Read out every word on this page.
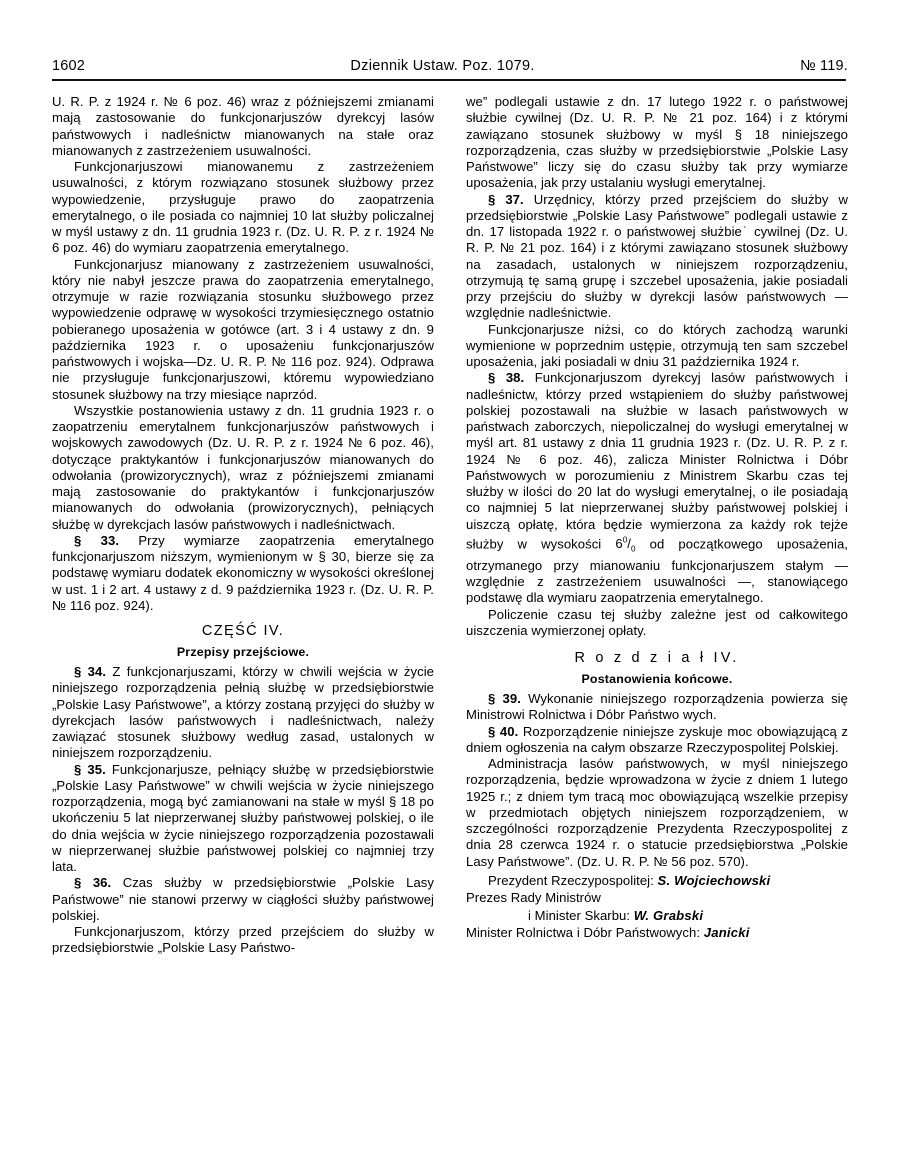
1602	Dziennik Ustaw. Poz. 1079.	№ 119.

U. R. P. z 1924 r. № 6 poz. 46) wraz z późniejszemi zmianami mają zastosowanie do funkcjonarjuszów dyrekcyj lasów państwowych i nadleśnictw mianowanych na stałe oraz mianowanych z zastrzeżeniem usuwalności.

Funkcjonarjuszowi mianowanemu z zastrzeżeniem usuwalności, z którym rozwiązano stosunek służbowy przez wypowiedzenie, przysługuje prawo do zaopatrzenia emerytalnego, o ile posiada co najmniej 10 lat służby policzalnej w myśl ustawy z dn. 11 grudnia 1923 r. (Dz. U. R. P. z r. 1924 № 6 poz. 46) do wymiaru zaopatrzenia emerytalnego.

Funkcjonarjusz mianowany z zastrzeżeniem usuwalności, który nie nabył jeszcze prawa do zaopatrzenia emerytalnego, otrzymuje w razie rozwiązania stosunku służbowego przez wypowiedzenie odprawę w wysokości trzymiesięcznego ostatnio pobieranego uposażenia w gotówce (art. 3 i 4 ustawy z dn. 9 października 1923 r. o uposażeniu funkcjonarjuszów państwowych i wojska—Dz. U. R. P. № 116 poz. 924). Odprawa nie przysługuje funkcjonarjuszowi, któremu wypowiedziano stosunek służbowy na trzy miesiące naprzód.

Wszystkie postanowienia ustawy z dn. 11 grudnia 1923 r. o zaopatrzeniu emerytalnem funkcjonarjuszów państwowych i wojskowych zawodowych (Dz. U. R. P. z r. 1924 № 6 poz. 46), dotyczące praktykantów i funkcjonarjuszów mianowanych do odwołania (prowizorycznych), wraz z późniejszemi zmianami mają zastosowanie do praktykantów i funkcjonarjuszów mianowanych do odwołania (prowizorycznych), pełniących służbę w dyrekcjach lasów państwowych i nadleśnictwach.

§ 33. Przy wymiarze zaopatrzenia emerytalnego funkcjonarjuszom niższym, wymienionym w § 30, bierze się za podstawę wymiaru dodatek ekonomiczny w wysokości określonej w ust. 1 i 2 art. 4 ustawy z d. 9 października 1923 r. (Dz. U. R. P. № 116 poz. 924).

CZĘŚĆ IV.

Przepisy przejściowe.

§ 34. Z funkcjonarjuszami, którzy w chwili wejścia w życie niniejszego rozporządzenia pełnią służbę w przedsiębiorstwie „Polskie Lasy Państwowe”, a którzy zostaną przyjęci do służby w dyrekcjach lasów państwowych i nadleśnictwach, należy zawiązać stosunek służbowy według zasad, ustalonych w niniejszem rozporządzeniu.

§ 35. Funkcjonarjusze, pełniący służbę w przedsiębiorstwie „Polskie Lasy Państwowe” w chwili wejścia w życie niniejszego rozporządzenia, mogą być zamianowani na stałe w myśl § 18 po ukończeniu 5 lat nieprzerwanej służby państwowej polskiej, o ile do dnia wejścia w życie niniejszego rozporządzenia pozostawali w nieprzerwanej służbie państwowej polskiej co najmniej trzy lata.

§ 36. Czas służby w przedsiębiorstwie „Polskie Lasy Państwowe” nie stanowi przerwy w ciągłości służby państwowej polskiej.

Funkcjonarjuszom, którzy przed przejściem do służby w przedsiębiorstwie „Polskie Lasy Państwo-

we” podlegali ustawie z dn. 17 lutego 1922 r. o państwowej służbie cywilnej (Dz. U. R. P. № 21 poz. 164) i z którymi zawiązano stosunek służbowy w myśl § 18 niniejszego rozporządzenia, czas służby w przedsiębiorstwie „Polskie Lasy Państwowe” liczy się do czasu służby tak przy wymiarze uposażenia, jak przy ustalaniu wysługi emerytalnej.

§ 37. Urzędnicy, którzy przed przejściem do służby w przedsiębiorstwie „Polskie Lasy Państwowe” podlegali ustawie z dn. 17 listopada 1922 r. o państwowej służbie˙ cywilnej (Dz. U. R. P. № 21 poz. 164) i z którymi zawiązano stosunek służbowy na zasadach, ustalonych w niniejszem rozporządzeniu, otrzymują tę samą grupę i szczebel uposażenia, jakie posiadali przy przejściu do służby w dyrekcji lasów państwowych — względnie nadleśnictwie.

Funkcjonarjusze niżsi, co do których zachodzą warunki wymienione w poprzednim ustępie, otrzymują ten sam szczebel uposażenia, jaki posiadali w dniu 31 października 1924 r.

§ 38. Funkcjonarjuszom dyrekcyj lasów państwowych i nadleśnictw, którzy przed wstąpieniem do służby państwowej polskiej pozostawali na służbie w lasach państwowych w państwach zaborczych, niepoliczalnej do wysługi emerytalnej w myśl art. 81 ustawy z dnia 11 grudnia 1923 r. (Dz. U. R. P. z r. 1924 № 6 poz. 46), zalicza Minister Rolnictwa i Dóbr Państwowych w porozumieniu z Ministrem Skarbu czas tej służby w ilości do 20 lat do wysługi emerytalnej, o ile posiadają co najmniej 5 lat nieprzerwanej służby państwowej polskiej i uiszczą opłatę, która będzie wymierzona za każdy rok tejże służby w wysokości $6^0/_0$ od początkowego uposażenia, otrzymanego przy mianowaniu funkcjonarjuszem stałym — względnie z zastrzeżeniem usuwalności —, stanowiącego podstawę dla wymiaru zaopatrzenia emerytalnego.

Policzenie czasu tej służby zależne jest od całkowitego uiszczenia wymierzonej opłaty.

R o z d z i a ł IV.

Postanowienia końcowe.

§ 39. Wykonanie niniejszego rozporządzenia powierza się Ministrowi Rolnictwa i Dóbr Państwo wych.

§ 40. Rozporządzenie niniejsze zyskuje moc obowiązującą z dniem ogłoszenia na całym obszarze Rzeczypospolitej Polskiej.

Administracja lasów państwowych, w myśl niniejszego rozporządzenia, będzie wprowadzona w życie z dniem 1 lutego 1925 r.; z dniem tym tracą moc obowiązującą wszelkie przepisy w przedmiotach objętych niniejszem rozporządzeniem, w szczególności rozporządzenie Prezydenta Rzeczypospolitej z dnia 28 czerwca 1924 r. o statucie przedsiębiorstwa „Polskie Lasy Państwowe”. (Dz. U. R. P. № 56 poz. 570).

Prezydent Rzeczypospolitej: S. Wojciechowski

Prezes Rady Ministrów

i Minister Skarbu: W. Grabski

Minister Rolnictwa i Dóbr Państwowych: Janicki
